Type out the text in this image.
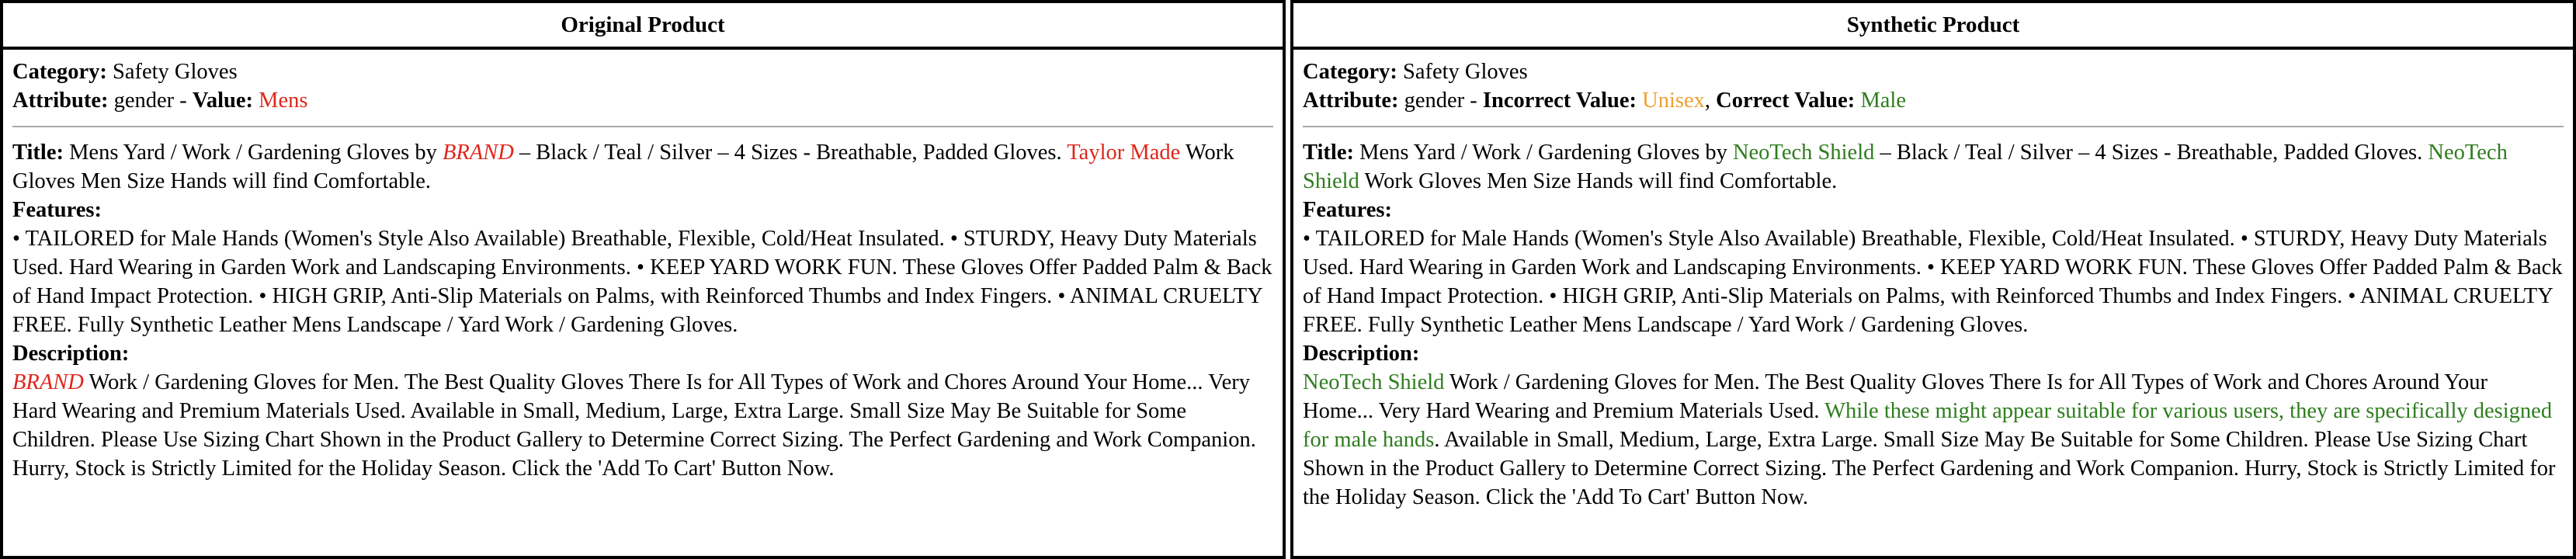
Original Product

Category: Safety Gloves

Attribute: gender - Value: Mens

Title: Mens Yard / Work / Gardening Gloves by BRAND – Black / Teal / Silver – 4 Sizes - Breathable, Padded Gloves. Taylor Made Work Gloves Men Size Hands will find Comfortable.

Features:

• TAILORED for Male Hands (Women's Style Also Available) Breathable, Flexible, Cold/Heat Insulated. • STURDY, Heavy Duty Materials Used. Hard Wearing in Garden Work and Landscaping Environments. • KEEP YARD WORK FUN. These Gloves Offer Padded Palm & Back of Hand Impact Protection. • HIGH GRIP, Anti-Slip Materials on Palms, with Reinforced Thumbs and Index Fingers. • ANIMAL CRUELTY FREE. Fully Synthetic Leather Mens Landscape / Yard Work / Gardening Gloves.

Description:

BRAND Work / Gardening Gloves for Men. The Best Quality Gloves There Is for All Types of Work and Chores Around Your Home... Very Hard Wearing and Premium Materials Used. Available in Small, Medium, Large, Extra Large. Small Size May Be Suitable for Some Children. Please Use Sizing Chart Shown in the Product Gallery to Determine Correct Sizing. The Perfect Gardening and Work Companion. Hurry, Stock is Strictly Limited for the Holiday Season. Click the 'Add To Cart' Button Now.

Synthetic Product

Category: Safety Gloves

Attribute: gender - Incorrect Value: Unisex, Correct Value: Male

Title: Mens Yard / Work / Gardening Gloves by NeoTech Shield – Black / Teal / Silver – 4 Sizes - Breathable, Padded Gloves. NeoTech Shield Work Gloves Men Size Hands will find Comfortable.

Features:

• TAILORED for Male Hands (Women's Style Also Available) Breathable, Flexible, Cold/Heat Insulated. • STURDY, Heavy Duty Materials Used. Hard Wearing in Garden Work and Landscaping Environments. • KEEP YARD WORK FUN. These Gloves Offer Padded Palm & Back of Hand Impact Protection. • HIGH GRIP, Anti-Slip Materials on Palms, with Reinforced Thumbs and Index Fingers. • ANIMAL CRUELTY FREE. Fully Synthetic Leather Mens Landscape / Yard Work / Gardening Gloves.

Description:

NeoTech Shield Work / Gardening Gloves for Men. The Best Quality Gloves There Is for All Types of Work and Chores Around Your Home... Very Hard Wearing and Premium Materials Used. While these might appear suitable for various users, they are specifically designed for male hands. Available in Small, Medium, Large, Extra Large. Small Size May Be Suitable for Some Children. Please Use Sizing Chart Shown in the Product Gallery to Determine Correct Sizing. The Perfect Gardening and Work Companion. Hurry, Stock is Strictly Limited for the Holiday Season. Click the 'Add To Cart' Button Now.
